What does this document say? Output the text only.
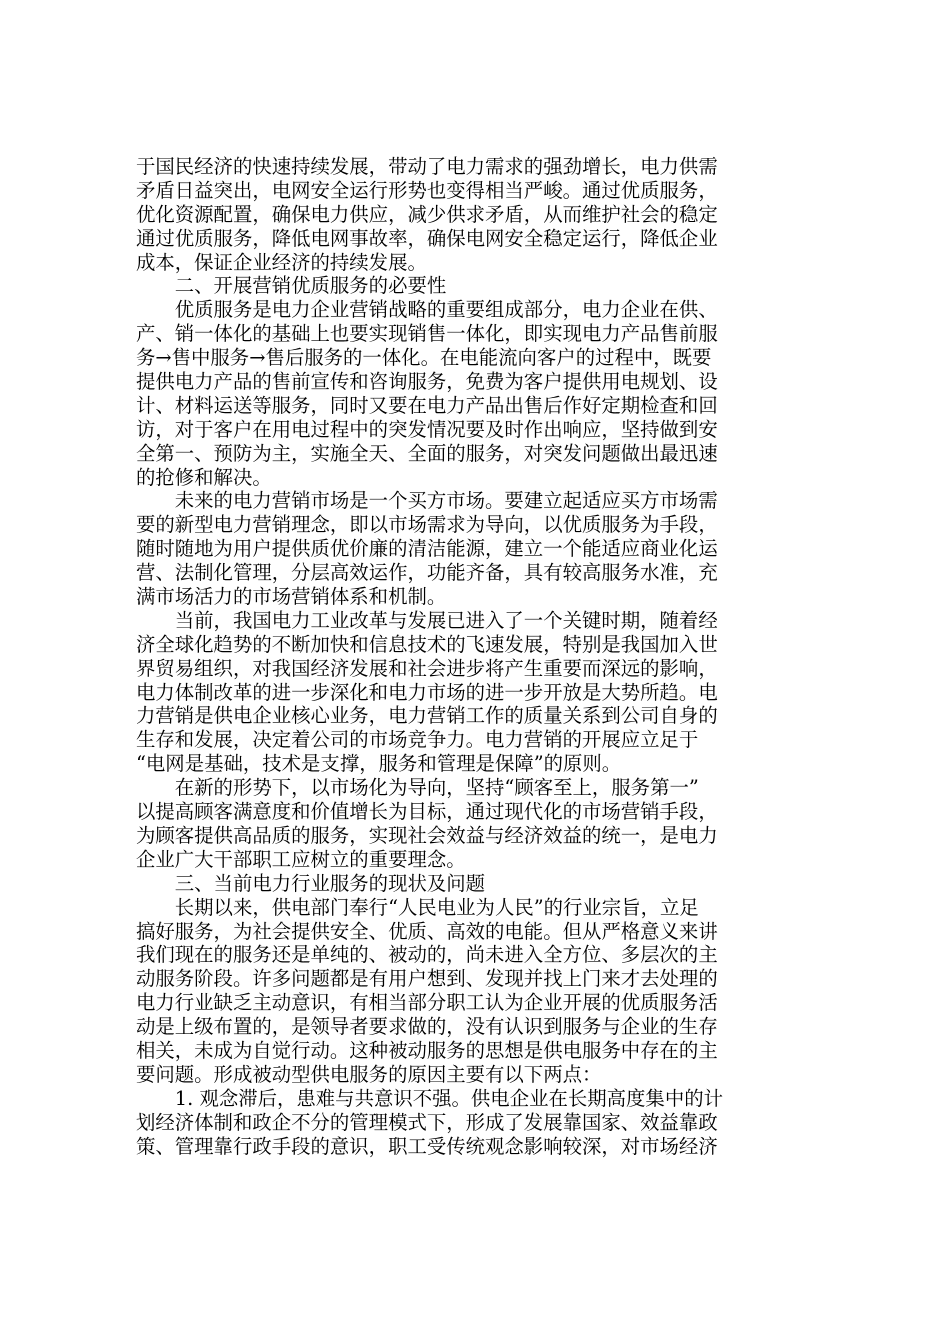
于国民经济的快速持续发展，带动了电力需求的强劲增长，电力供需
矛盾日益突出，电网安全运行形势也变得相当严峻。通过优质服务，
优化资源配置，确保电力供应，减少供求矛盾，从而维护社会的稳定
通过优质服务，降低电网事故率，确保电网安全稳定运行，降低企业
成本，保证企业经济的持续发展。
　　二、开展营销优质服务的必要性
　　优质服务是电力企业营销战略的重要组成部分，电力企业在供、
产、销一体化的基础上也要实现销售一体化，即实现电力产品售前服
务→售中服务→售后服务的一体化。在电能流向客户的过程中，既要
提供电力产品的售前宣传和咨询服务，免费为客户提供用电规划、设
计、材料运送等服务，同时又要在电力产品出售后作好定期检查和回
访，对于客户在用电过程中的突发情况要及时作出响应，坚持做到安
全第一、预防为主，实施全天、全面的服务，对突发问题做出最迅速
的抢修和解决。
　　未来的电力营销市场是一个买方市场。要建立起适应买方市场需
要的新型电力营销理念，即以市场需求为导向，以优质服务为手段，
随时随地为用户提供质优价廉的清洁能源，建立一个能适应商业化运
营、法制化管理，分层高效运作，功能齐备，具有较高服务水准，充
满市场活力的市场营销体系和机制。
　　当前，我国电力工业改革与发展已进入了一个关键时期，随着经
济全球化趋势的不断加快和信息技术的飞速发展，特别是我国加入世
界贸易组织，对我国经济发展和社会进步将产生重要而深远的影响，
电力体制改革的进一步深化和电力市场的进一步开放是大势所趋。电
力营销是供电企业核心业务，电力营销工作的质量关系到公司自身的
生存和发展，决定着公司的市场竞争力。电力营销的开展应立足于
“电网是基础，技术是支撑，服务和管理是保障”的原则。
　　在新的形势下，以市场化为导向，坚持“顾客至上，服务第一”
以提高顾客满意度和价值增长为目标，通过现代化的市场营销手段，
为顾客提供高品质的服务，实现社会效益与经济效益的统一，是电力
企业广大干部职工应树立的重要理念。
　　三、当前电力行业服务的现状及问题
　　长期以来，供电部门奉行“人民电业为人民”的行业宗旨，立足
搞好服务，为社会提供安全、优质、高效的电能。但从严格意义来讲
我们现在的服务还是单纯的、被动的，尚未进入全方位、多层次的主
动服务阶段。许多问题都是有用户想到、发现并找上门来才去处理的
电力行业缺乏主动意识，有相当部分职工认为企业开展的优质服务活
动是上级布置的，是领导者要求做的，没有认识到服务与企业的生存
相关，未成为自觉行动。这种被动服务的思想是供电服务中存在的主
要问题。形成被动型供电服务的原因主要有以下两点：
　　1. 观念滞后，患难与共意识不强。供电企业在长期高度集中的计
划经济体制和政企不分的管理模式下，形成了发展靠国家、效益靠政
策、管理靠行政手段的意识，职工受传统观念影响较深，对市场经济
